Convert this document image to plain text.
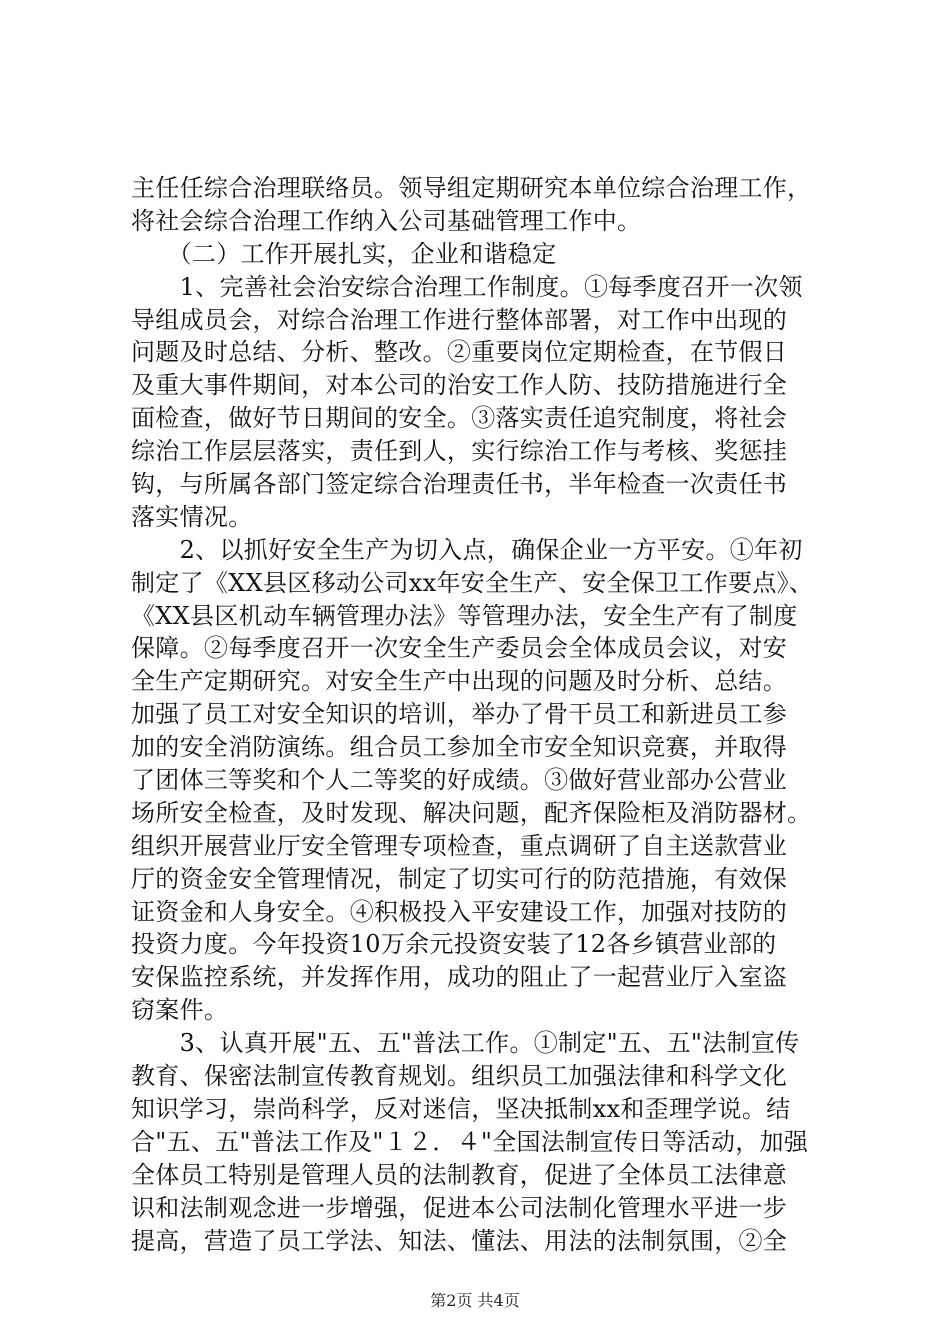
主任任综合治理联络员。领导组定期研究本单位综合治理工作，
将社会综合治理工作纳入公司基础管理工作中。
　　（二）工作开展扎实，企业和谐稳定
　　1、完善社会治安综合治理工作制度。①每季度召开一次领
导组成员会，对综合治理工作进行整体部署，对工作中出现的
问题及时总结、分析、整改。②重要岗位定期检查，在节假日
及重大事件期间，对本公司的治安工作人防、技防措施进行全
面检查，做好节日期间的安全。③落实责任追究制度，将社会
综治工作层层落实，责任到人，实行综治工作与考核、奖惩挂
钩，与所属各部门签定综合治理责任书，半年检查一次责任书
落实情况。
　　2、以抓好安全生产为切入点，确保企业一方平安。①年初
制定了《XX县区移动公司xx年安全生产、安全保卫工作要点》、
《XX县区机动车辆管理办法》等管理办法，安全生产有了制度
保障。②每季度召开一次安全生产委员会全体成员会议，对安
全生产定期研究。对安全生产中出现的问题及时分析、总结。
加强了员工对安全知识的培训，举办了骨干员工和新进员工参
加的安全消防演练。组合员工参加全市安全知识竞赛，并取得
了团体三等奖和个人二等奖的好成绩。③做好营业部办公营业
场所安全检查，及时发现、解决问题，配齐保险柜及消防器材。
组织开展营业厅安全管理专项检查，重点调研了自主送款营业
厅的资金安全管理情况，制定了切实可行的防范措施，有效保
证资金和人身安全。④积极投入平安建设工作，加强对技防的
投资力度。今年投资10万余元投资安装了12各乡镇营业部的
安保监控系统，并发挥作用，成功的阻止了一起营业厅入室盗
窃案件。
　　3、认真开展"五、五"普法工作。①制定"五、五"法制宣传
教育、保密法制宣传教育规划。组织员工加强法律和科学文化
知识学习，崇尚科学，反对迷信，坚决抵制xx和歪理学说。结
合"五、五"普法工作及"１２．４"全国法制宣传日等活动，加强
全体员工特别是管理人员的法制教育，促进了全体员工法律意
识和法制观念进一步增强，促进本公司法制化管理水平进一步
提高，营造了员工学法、知法、懂法、用法的法制氛围，②全
第2页 共4页
